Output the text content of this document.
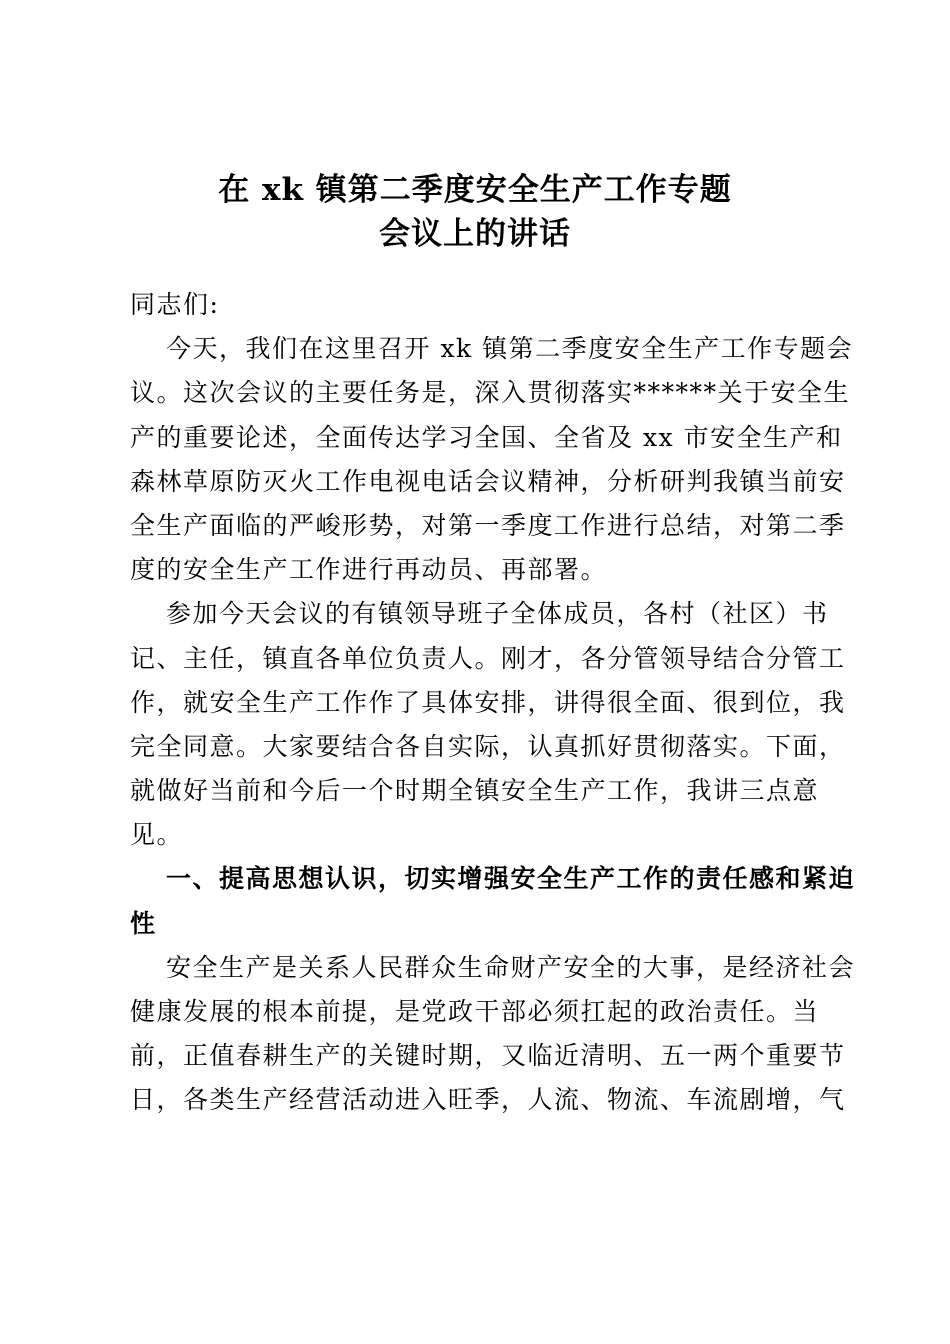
在 xk 镇第二季度安全生产工作专题
会议上的讲话
同志们:
今天，我们在这里召开 xk 镇第二季度安全生产工作专题会
议。这次会议的主要任务是，深入贯彻落实******关于安全生
产的重要论述，全面传达学习全国、全省及 xx 市安全生产和
森林草原防灭火工作电视电话会议精神，分析研判我镇当前安
全生产面临的严峻形势，对第一季度工作进行总结，对第二季
度的安全生产工作进行再动员、再部署。
参加今天会议的有镇领导班子全体成员，各村（社区）书
记、主任，镇直各单位负责人。刚才，各分管领导结合分管工
作，就安全生产工作作了具体安排，讲得很全面、很到位，我
完全同意。大家要结合各自实际，认真抓好贯彻落实。下面，
就做好当前和今后一个时期全镇安全生产工作，我讲三点意
见。
一、提高思想认识，切实增强安全生产工作的责任感和紧迫
性
安全生产是关系人民群众生命财产安全的大事，是经济社会
健康发展的根本前提，是党政干部必须扛起的政治责任。当
前，正值春耕生产的关键时期，又临近清明、五一两个重要节
日，各类生产经营活动进入旺季，人流、物流、车流剧增，气
